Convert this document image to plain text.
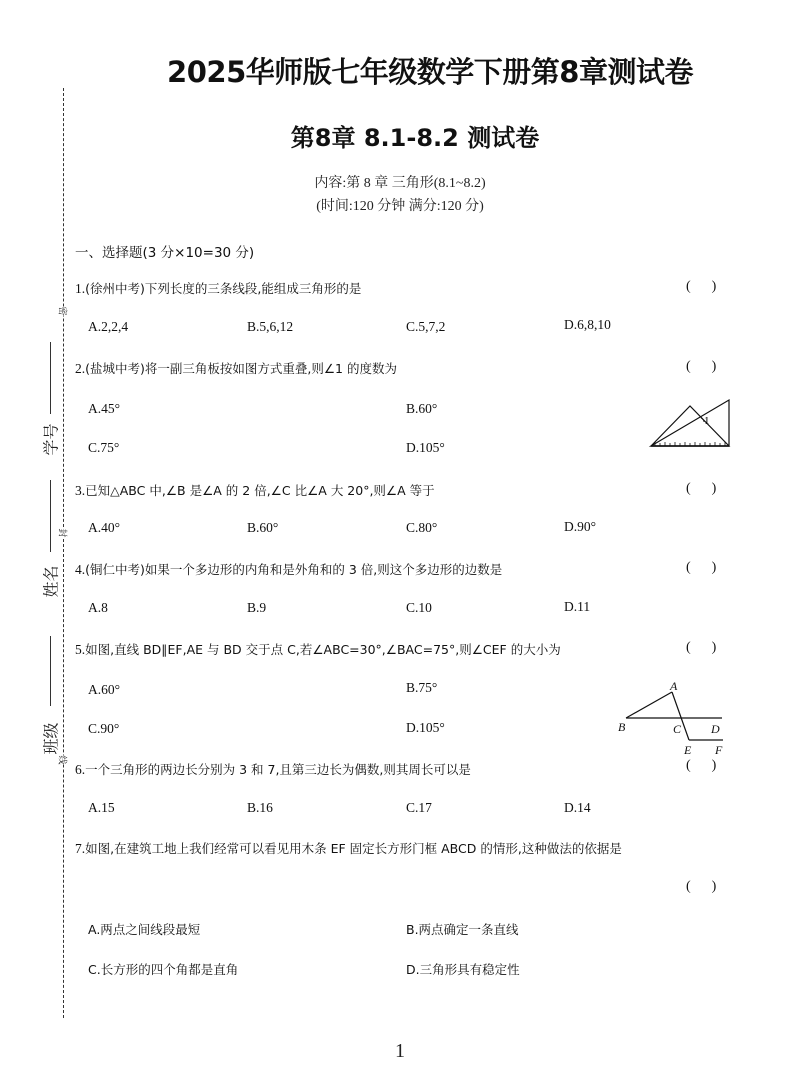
2025华师版七年级数学下册第8章测试卷
第8章 8.1-8.2 测试卷
内容:第 8 章 三角形(8.1~8.2)
(时间:120 分钟 满分:120 分)
密
封
线
学号
姓名
班级
一、选择题(3 分×10=30 分)
1.(徐州中考)下列长度的三条线段,能组成三角形的是	(      )
A.2,2,4	B.5,6,12	C.5,7,2	D.6,8,10
2.(盐城中考)将一副三角板按如图方式重叠,则∠1 的度数为	(      )
A.45°	B.60°
C.75°	D.105°
1
3.已知△ABC 中,∠B 是∠A 的 2 倍,∠C 比∠A 大 20°,则∠A 等于	(      )
A.40°	B.60°	C.80°	D.90°
4.(铜仁中考)如果一个多边形的内角和是外角和的 3 倍,则这个多边形的边数是	(      )
A.8	B.9	C.10	D.11
5.如图,直线 BD∥EF,AE 与 BD 交于点 C,若∠ABC=30°,∠BAC=75°,则∠CEF 的大小为	(      )
A.60°	B.75°
C.90°	D.105°
A
B	C D
E F
6.一个三角形的两边长分别为 3 和 7,且第三边长为偶数,则其周长可以是	(      )
A.15	B.16	C.17	D.14
7.如图,在建筑工地上我们经常可以看见用木条 EF 固定长方形门框 ABCD 的情形,这种做法的依据是
(      )
A.两点之间线段最短	B.两点确定一条直线
C.长方形的四个角都是直角	D.三角形具有稳定性
1
